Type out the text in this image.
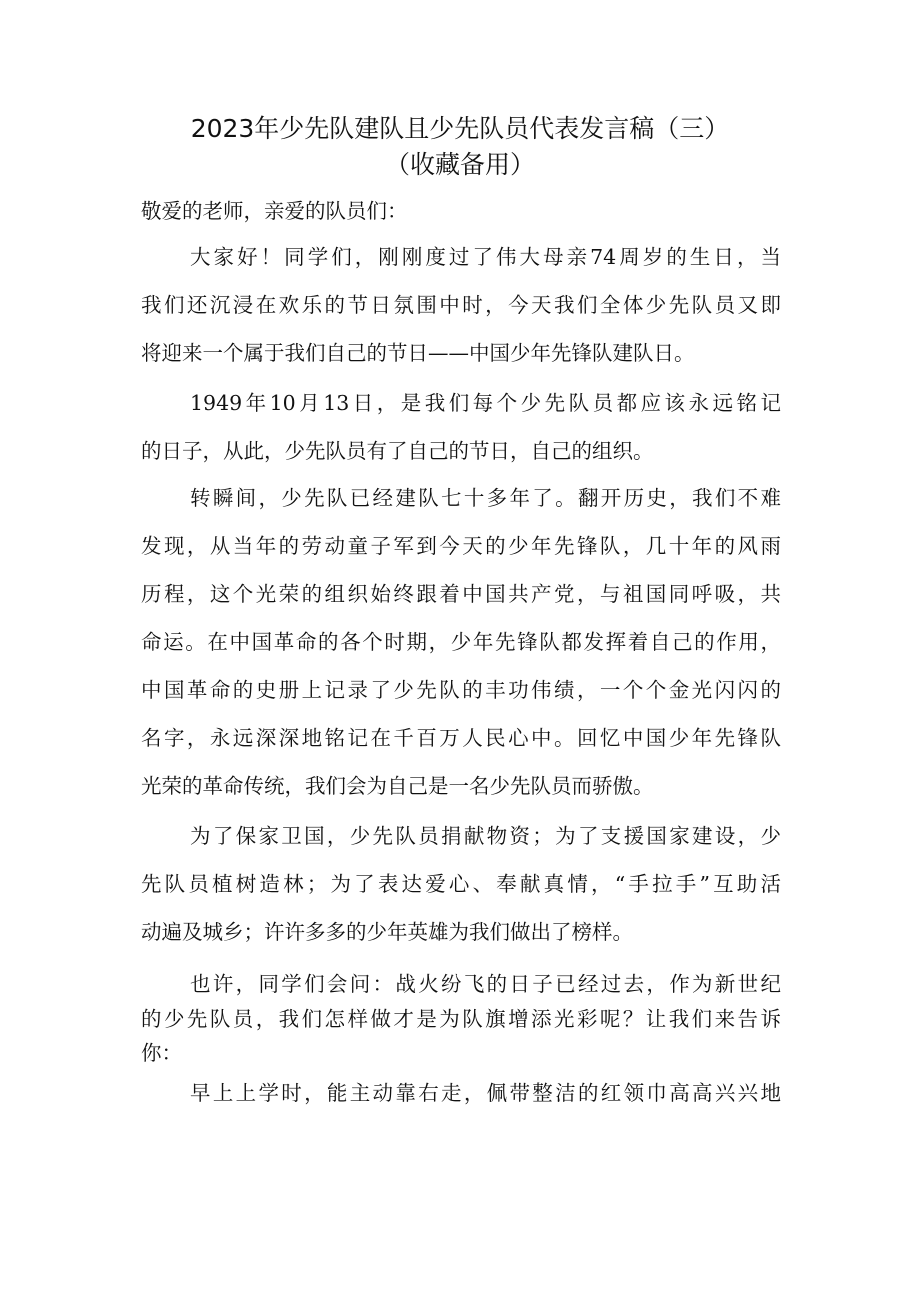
2023年少先队建队且少先队员代表发言稿（三）
（收藏备用）
敬爱的老师，亲爱的队员们：
大家好！同学们，刚刚度过了伟大母亲74周岁的生日，当
我们还沉浸在欢乐的节日氛围中时，今天我们全体少先队员又即
将迎来一个属于我们自己的节日——中国少年先锋队建队日。
1949年10月13日，是我们每个少先队员都应该永远铭记
的日子，从此，少先队员有了自己的节日，自己的组织。
转瞬间，少先队已经建队七十多年了。翻开历史，我们不难
发现，从当年的劳动童子军到今天的少年先锋队，几十年的风雨
历程，这个光荣的组织始终跟着中国共产党，与祖国同呼吸，共
命运。在中国革命的各个时期，少年先锋队都发挥着自己的作用，
中国革命的史册上记录了少先队的丰功伟绩，一个个金光闪闪的
名字，永远深深地铭记在千百万人民心中。回忆中国少年先锋队
光荣的革命传统，我们会为自己是一名少先队员而骄傲。
为了保家卫国，少先队员捐献物资；为了支援国家建设，少
先队员植树造林；为了表达爱心、奉献真情，“手拉手”互助活
动遍及城乡；许许多多的少年英雄为我们做出了榜样。
也许，同学们会问：战火纷飞的日子已经过去，作为新世纪
的少先队员，我们怎样做才是为队旗增添光彩呢？让我们来告诉
你：
早上上学时，能主动靠右走，佩带整洁的红领巾高高兴兴地
